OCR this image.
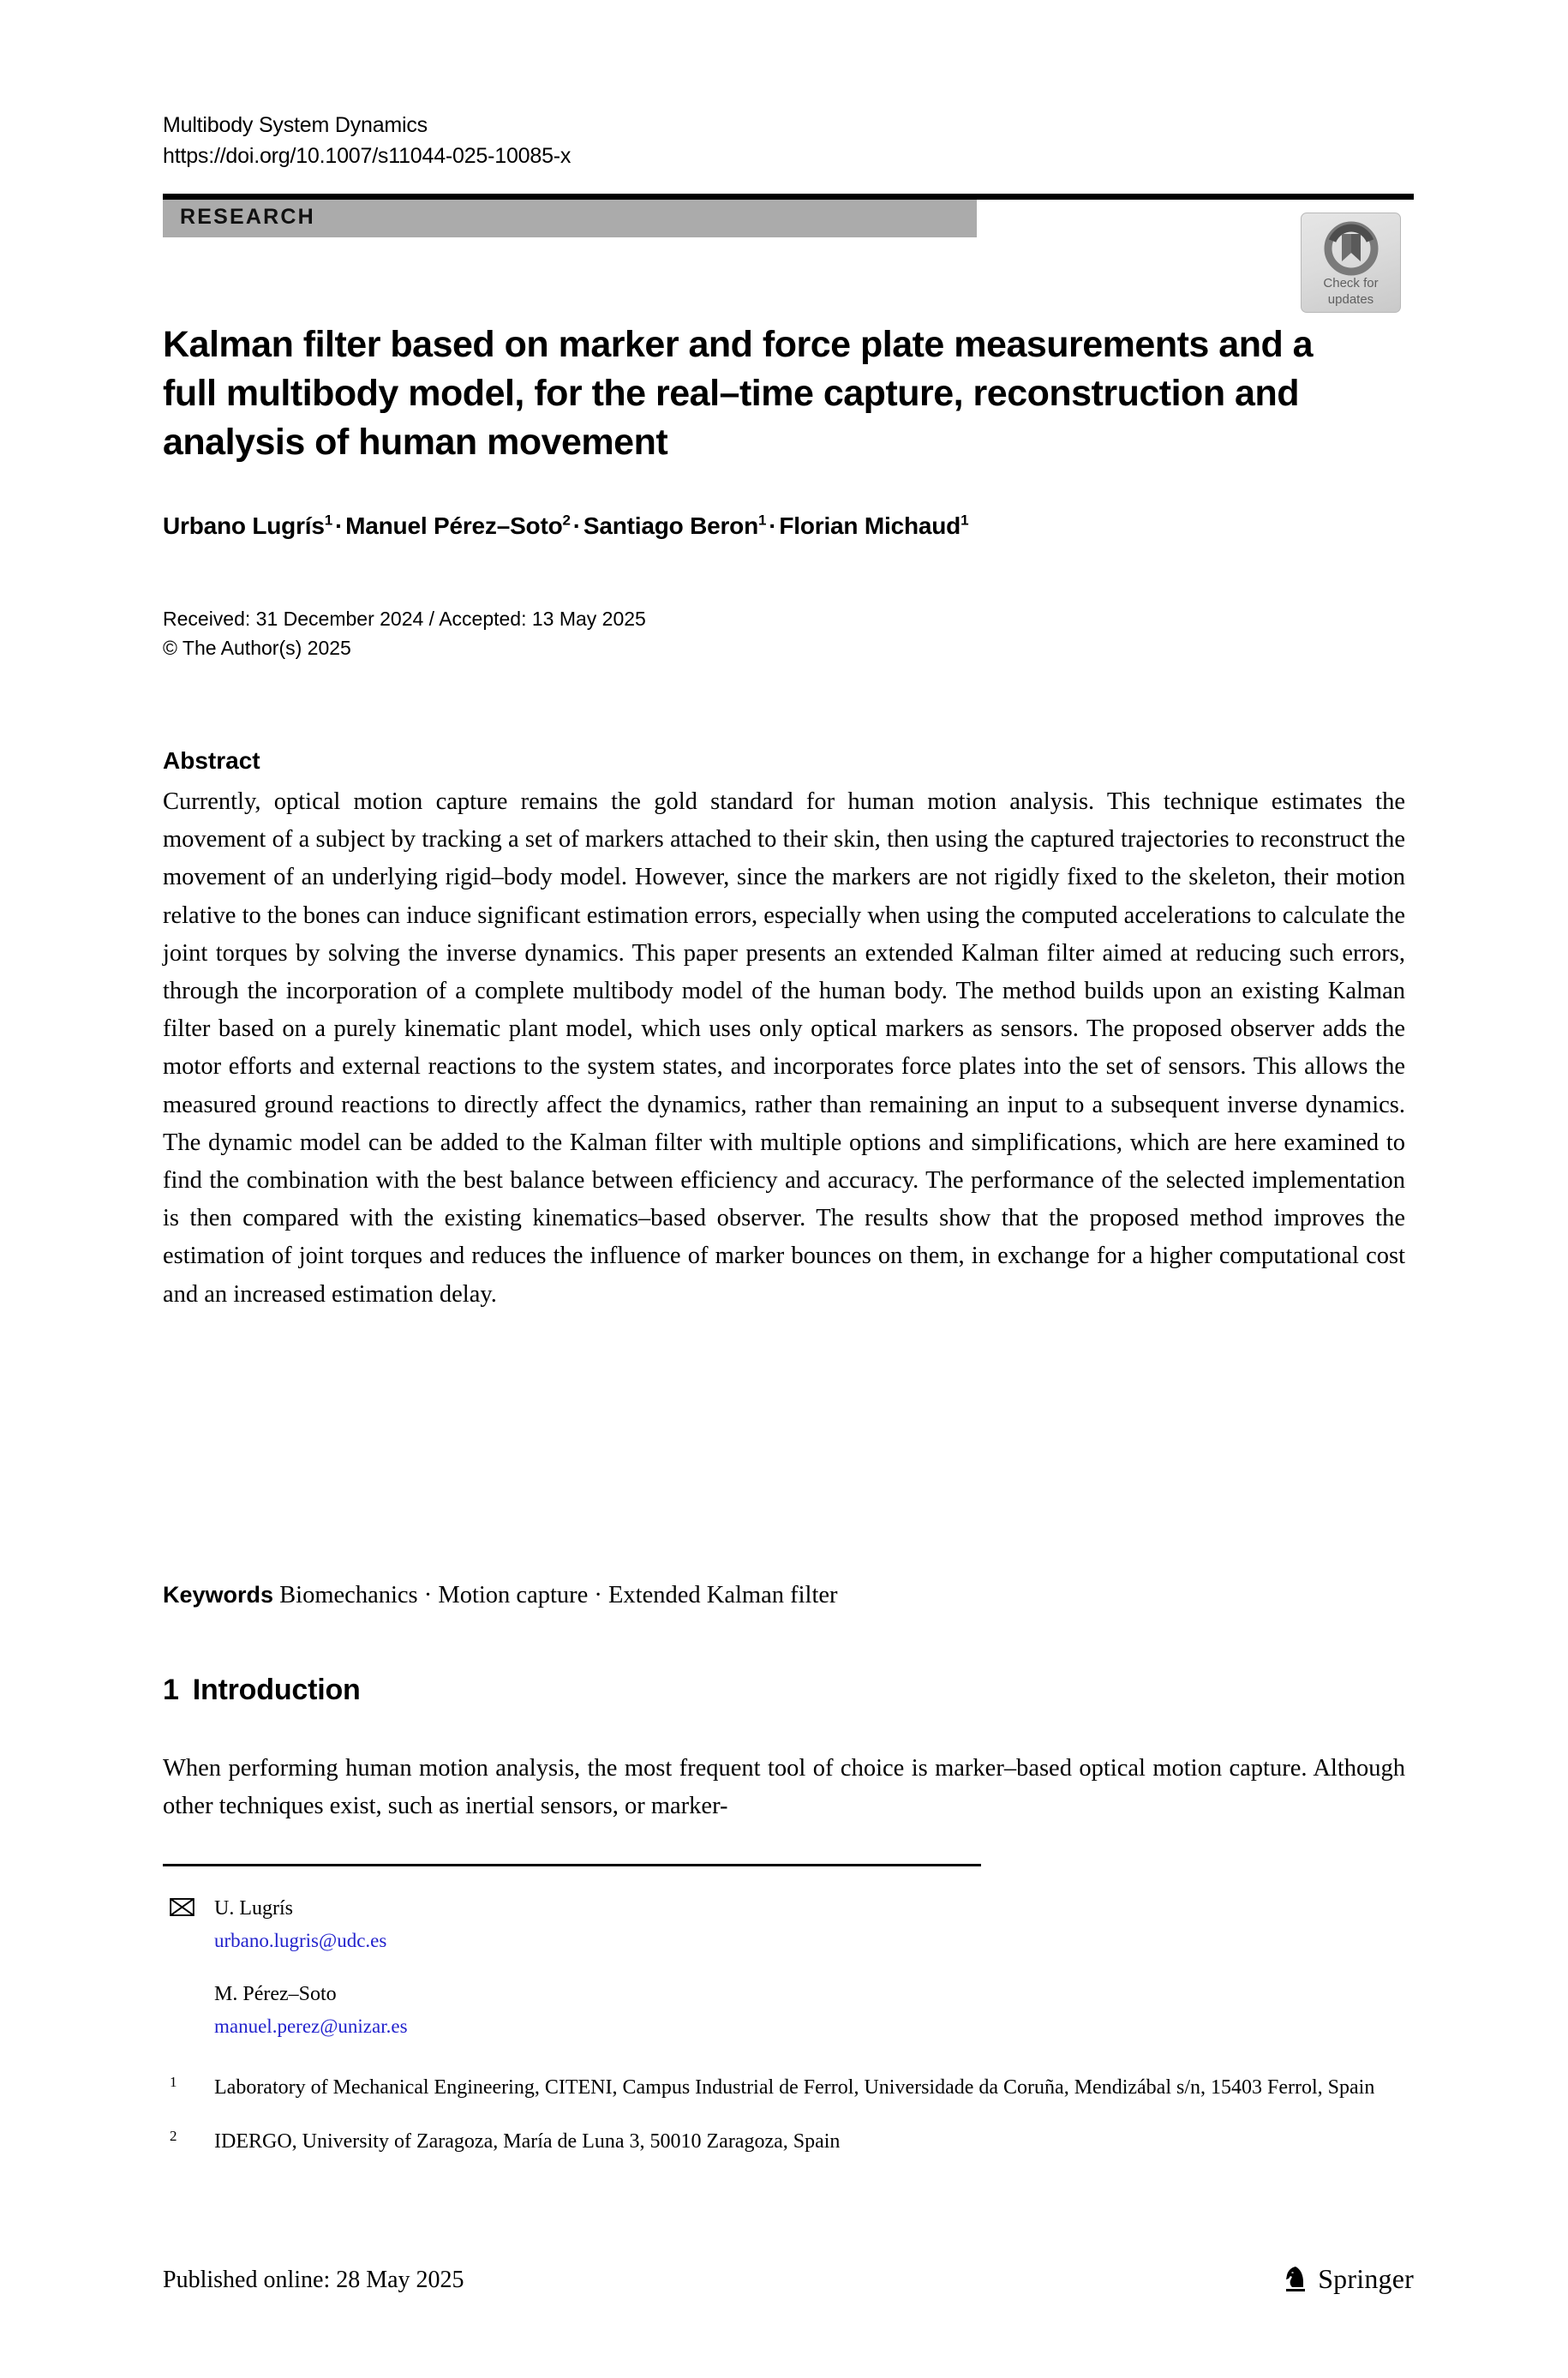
Multibody System Dynamics
https://doi.org/10.1007/s11044-025-10085-x
RESEARCH
Check for
updates
Kalman filter based on marker and force plate measurements and a full multibody model, for the real–time capture, reconstruction and analysis of human movement
Urbano Lugrís$^1$ · Manuel Pérez–Soto$^2$ · Santiago Beron$^1$ · Florian Michaud$^1$
Received: 31 December 2024 / Accepted: 13 May 2025
© The Author(s) 2025
Abstract
Currently, optical motion capture remains the gold standard for human motion analysis. This technique estimates the movement of a subject by tracking a set of markers attached to their skin, then using the captured trajectories to reconstruct the movement of an underlying rigid–body model. However, since the markers are not rigidly fixed to the skeleton, their motion relative to the bones can induce significant estimation errors, especially when using the computed accelerations to calculate the joint torques by solving the inverse dynamics. This paper presents an extended Kalman filter aimed at reducing such errors, through the incorporation of a complete multibody model of the human body. The method builds upon an existing Kalman filter based on a purely kinematic plant model, which uses only optical markers as sensors. The proposed observer adds the motor efforts and external reactions to the system states, and incorporates force plates into the set of sensors. This allows the measured ground reactions to directly affect the dynamics, rather than remaining an input to a subsequent inverse dynamics. The dynamic model can be added to the Kalman filter with multiple options and simplifications, which are here examined to find the combination with the best balance between efficiency and accuracy. The performance of the selected implementation is then compared with the existing kinematics–based observer. The results show that the proposed method improves the estimation of joint torques and reduces the influence of marker bounces on them, in exchange for a higher computational cost and an increased estimation delay.
Keywords Biomechanics · Motion capture · Extended Kalman filter
1 Introduction
When performing human motion analysis, the most frequent tool of choice is marker–based optical motion capture. Although other techniques exist, such as inertial sensors, or marker-
U. Lugrís
urbano.lugris@udc.es
M. Pérez–Soto
manuel.perez@unizar.es
1 Laboratory of Mechanical Engineering, CITENI, Campus Industrial de Ferrol, Universidade da Coruña, Mendizábal s/n, 15403 Ferrol, Spain
2 IDERGO, University of Zaragoza, María de Luna 3, 50010 Zaragoza, Spain
Published online: 28 May 2025	Springer
